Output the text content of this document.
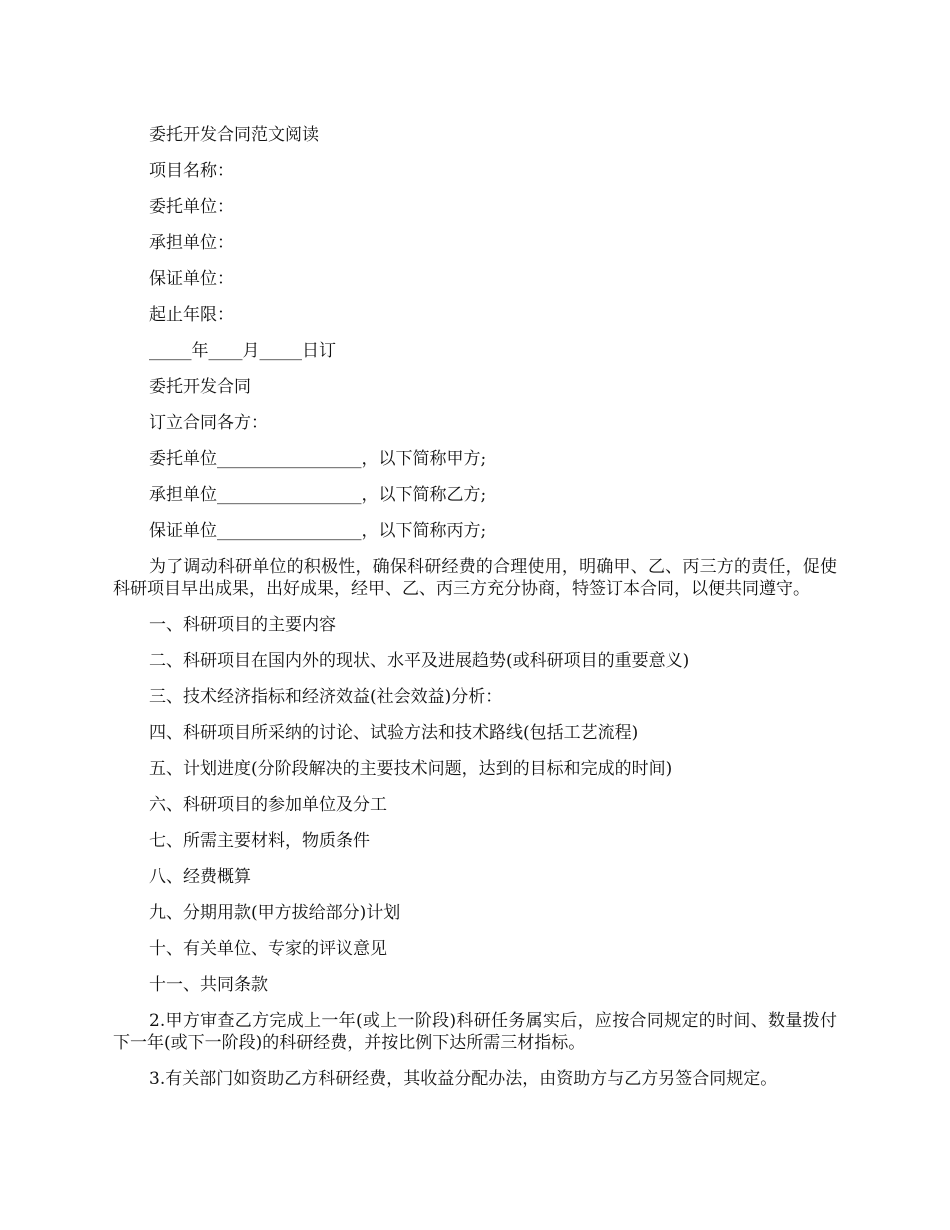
委托开发合同范文阅读

项目名称：

委托单位：

承担单位：

保证单位：

起止年限：

_____年____月_____日订

委托开发合同

订立合同各方：

委托单位_________________，以下简称甲方;

承担单位_________________，以下简称乙方;

保证单位_________________，以下简称丙方;

为了调动科研单位的积极性，确保科研经费的合理使用，明确甲、乙、丙三方的责任，促使科研项目早出成果，出好成果，经甲、乙、丙三方充分协商，特签订本合同，以便共同遵守。

一、科研项目的主要内容

二、科研项目在国内外的现状、水平及进展趋势(或科研项目的重要意义)

三、技术经济指标和经济效益(社会效益)分析：

四、科研项目所采纳的讨论、试验方法和技术路线(包括工艺流程)

五、计划进度(分阶段解决的主要技术问题，达到的目标和完成的时间)

六、科研项目的参加单位及分工

七、所需主要材料，物质条件

八、经费概算

九、分期用款(甲方拔给部分)计划

十、有关单位、专家的评议意见

十一、共同条款

2.甲方审查乙方完成上一年(或上一阶段)科研任务属实后，应按合同规定的时间、数量拨付下一年(或下一阶段)的科研经费，并按比例下达所需三材指标。

3.有关部门如资助乙方科研经费，其收益分配办法，由资助方与乙方另签合同规定。
